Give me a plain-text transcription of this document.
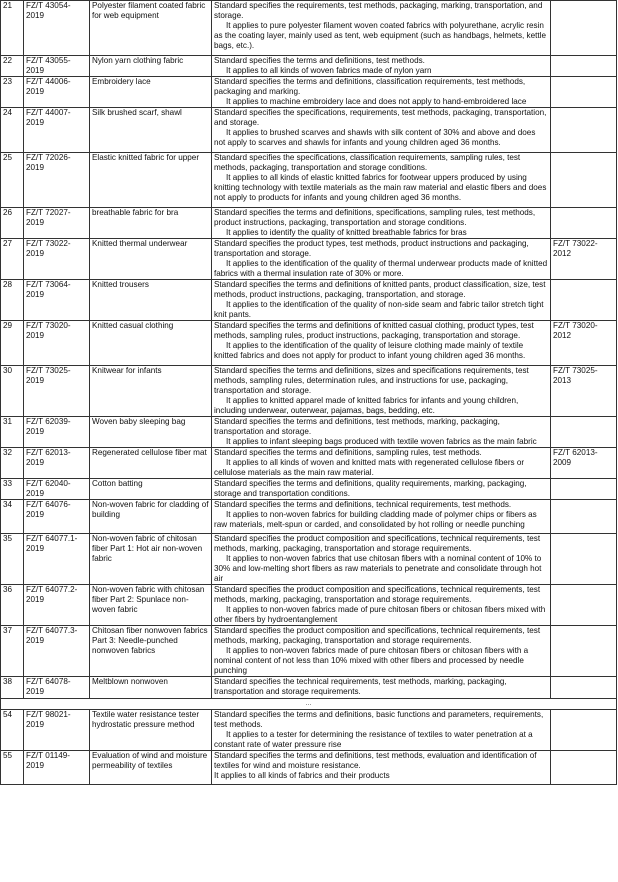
21	FZ/T 43054-2019	Polyester filament coated fabric for web equipment	Standard specifies the requirements, test methods, packaging, marking, transportation, and storage.
It applies to pure polyester filament woven coated fabrics with polyurethane, acrylic resin as the coating layer, mainly used as tent, web equipment (such as handbags, helmets, kettle bags, etc.).	

22	FZ/T 43055-2019	Nylon yarn clothing fabric	Standard specifies the terms and definitions, test methods.
It applies to all kinds of woven fabrics made of nylon yarn	

23	FZ/T 44006-2019	Embroidery lace	Standard specifies the terms and definitions, classification requirements, test methods, packaging and marking.
It applies to machine embroidery lace and does not apply to hand-embroidered lace	

24	FZ/T 44007-2019	Silk brushed scarf, shawl	Standard specifies the specifications, requirements, test methods, packaging, transportation, and storage.
It applies to brushed scarves and shawls with silk content of 30% and above and does not apply to scarves and shawls for infants and young children aged 36 months.	

25	FZ/T 72026-2019	Elastic knitted fabric for upper	Standard specifies the specifications, classification requirements, sampling rules, test methods, packaging, transportation and storage conditions.
It applies to all kinds of elastic knitted fabrics for footwear uppers produced by using knitting technology with textile materials as the main raw material and elastic fibers and does not apply to products for infants and young children aged 36 months.	

26	FZ/T 72027-2019	breathable fabric for bra	Standard specifies the terms and definitions, specifications, sampling rules, test methods, product instructions, packaging, transportation and storage conditions.
It applies to identify the quality of knitted breathable fabrics for bras	

27	FZ/T 73022-2019	Knitted thermal underwear	Standard specifies the product types, test methods, product instructions and packaging, transportation and storage.
It applies to the identification of the quality of thermal underwear products made of knitted fabrics with a thermal insulation rate of 30% or more.	FZ/T 73022-2012
28	FZ/T 73064-2019	Knitted trousers	Standard specifies the terms and definitions of knitted pants, product classification, size, test methods, product instructions, packaging, transportation, and storage.
It applies to the identification of the quality of non-side seam and fabric tailor stretch tight knit pants.	

29	FZ/T 73020-2019	Knitted casual clothing	Standard specifies the terms and definitions of knitted casual clothing, product types, test methods, sampling rules, product instructions, packaging, transportation and storage.
It applies to the identification of the quality of leisure clothing made mainly of textile knitted fabrics and does not apply for product to infant young children aged 36 months.	FZ/T 73020-2012
30	FZ/T 73025-2019	Knitwear for infants	Standard specifies the terms and definitions, sizes and specifications requirements, test methods, sampling rules, determination rules, and instructions for use, packaging, transportation and storage.
It applies to knitted apparel made of knitted fabrics for infants and young children, including underwear, outerwear, pajamas, bags, bedding, etc.	FZ/T 73025-2013
31	FZ/T 62039-2019	Woven baby sleeping bag	Standard specifies the terms and definitions, test methods, marking, packaging, transportation and storage.
It applies to infant sleeping bags produced with textile woven fabrics as the main fabric	

32	FZ/T 62013-2019	Regenerated cellulose fiber mat	Standard specifies the terms and definitions, sampling rules, test methods.
It applies to all kinds of woven and knitted mats with regenerated cellulose fibers or cellulose materials as the main raw material.	FZ/T 62013-2009
33	FZ/T 62040-2019	Cotton batting	Standard specifies the terms and definitions, quality requirements, marking, packaging, storage and transportation conditions.	

34	FZ/T 64076-2019	Non-woven fabric for cladding of building	Standard specifies the terms and definitions, technical requirements, test methods.
It applies to non-woven fabrics for building cladding made of polymer chips or fibers as raw materials, melt-spun or carded, and consolidated by hot rolling or needle punching	

35	FZ/T 64077.1-2019	Non-woven fabric of chitosan fiber Part 1: Hot air non-woven fabric	Standard specifies the product composition and specifications, technical requirements, test methods, marking, packaging, transportation and storage requirements.
It applies to non-woven fabrics that use chitosan fibers with a nominal content of 10% to 30% and low-melting short fibers as raw materials to penetrate and consolidate through hot air	

36	FZ/T 64077.2-2019	Non-woven fabric with chitosan fiber Part 2: Spunlace non-woven fabric	Standard specifies the product composition and specifications, technical requirements, test methods, marking, packaging, transportation and storage requirements.
It applies to non-woven fabrics made of pure chitosan fibers or chitosan fibers mixed with other fibers by hydroentanglement	

37	FZ/T 64077.3-2019	Chitosan fiber nonwoven fabrics Part 3: Needle-punched nonwoven fabrics	Standard specifies the product composition and specifications, technical requirements, test methods, marking, packaging, transportation and storage requirements.
It applies to non-woven fabrics made of pure chitosan fibers or chitosan fibers with a nominal content of not less than 10% mixed with other fibers and processed by needle punching	

38	FZ/T 64078-2019	Meltblown nonwoven	Standard specifies the technical requirements, test methods, marking, packaging, transportation and storage requirements.	

...				
54	FZ/T 98021-2019	Textile water resistance tester hydrostatic pressure method	Standard specifies the terms and definitions, basic functions and parameters, requirements, test methods.
It applies to a tester for determining the resistance of textiles to water penetration at a constant rate of water pressure rise	

55	FZ/T 01149-2019	Evaluation of wind and moisture permeability of textiles	Standard specifies the terms and definitions, test methods, evaluation and identification of textiles for wind and moisture resistance.
It applies to all kinds of fabrics and their products	
